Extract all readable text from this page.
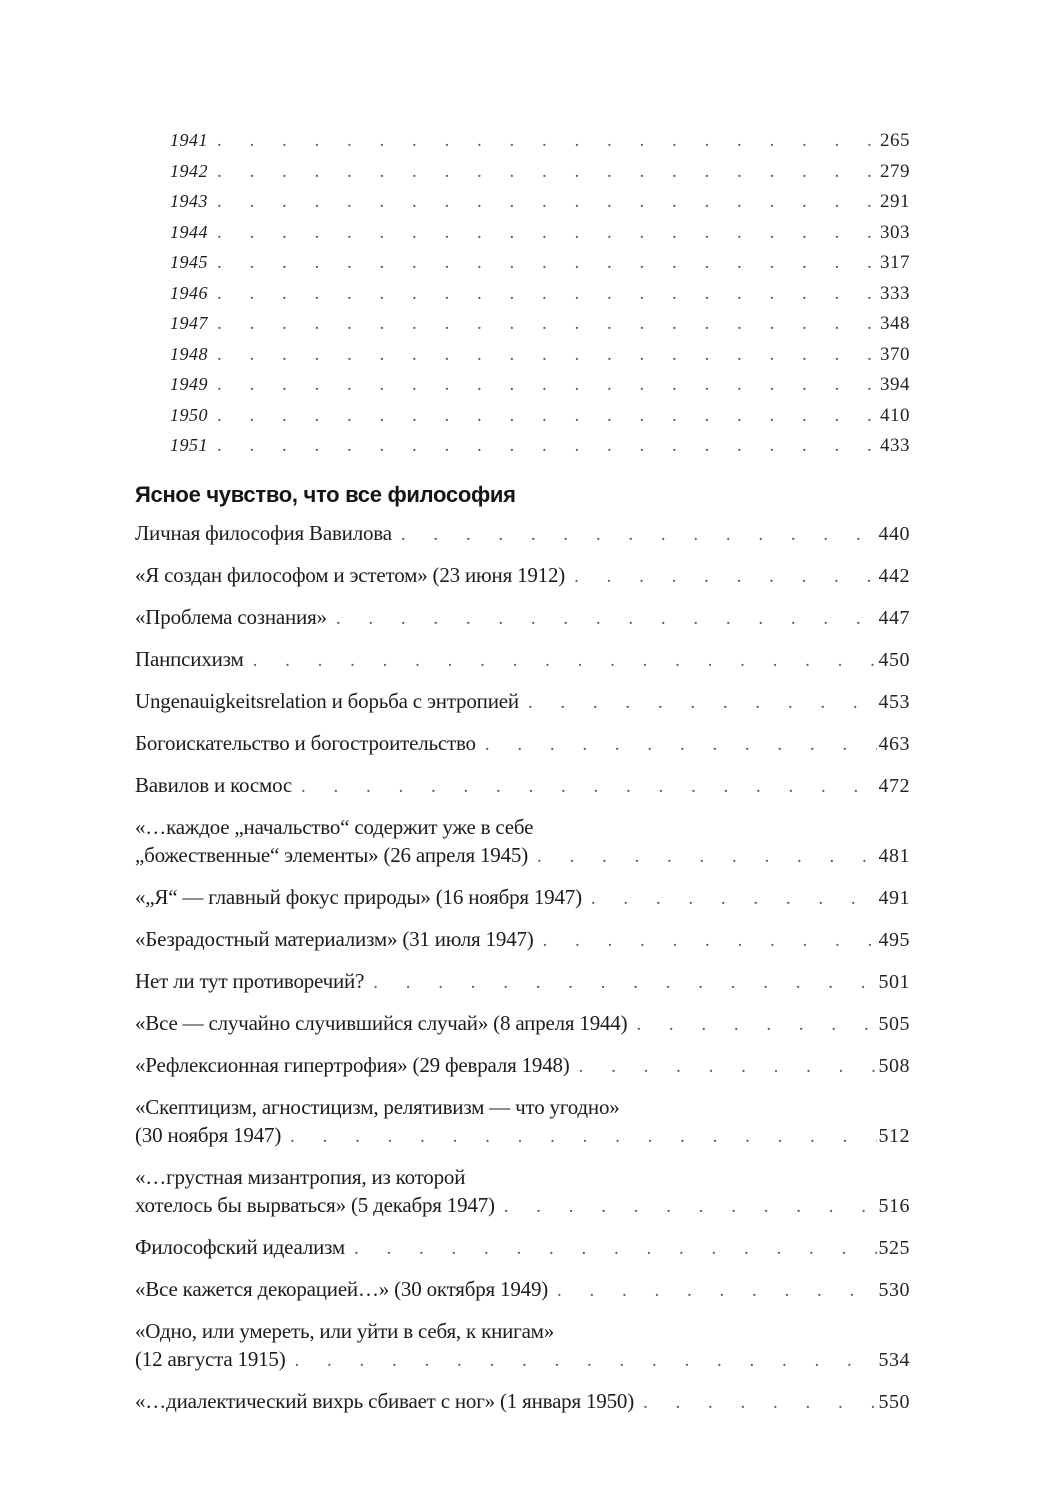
1941 . . .	265
1942 . . .	279
1943 . . .	291
1944 . . .	303
1945 . . .	317
1946 . . .	333
1947 . . .	348
1948 . . .	370
1949 . . .	394
1950 . . .	410
1951 . . .	433
Ясное чувство, что все философия
Личная философия Вавилова . . .	440
«Я создан философом и эстетом» (23 июня 1912) . . .	442
«Проблема сознания» . . .	447
Панпсихизм . . .	450
Ungenauigkeitsrelation и борьба с энтропией . . .	453
Богоискательство и богостроительство . . .	463
Вавилов и космос . . .	472
«…каждое „начальство“ содержит уже в себе
„божественные“ элементы» (26 апреля 1945) . . .	481
«„Я“ — главный фокус природы» (16 ноября 1947) . . .	491
«Безрадостный материализм» (31 июля 1947) . . .	495
Нет ли тут противоречий? . . .	501
«Все — случайно случившийся случай» (8 апреля 1944) . . .	505
«Рефлексионная гипертрофия» (29 февраля 1948) . . .	508
«Скептицизм, агностицизм, релятивизм — что угодно»
(30 ноября 1947) . . .	512
«…грустная мизантропия, из которой
хотелось бы вырваться» (5 декабря 1947) . . .	516
Философский идеализм . . .	525
«Все кажется декорацией…» (30 октября 1949) . . .	530
«Одно, или умереть, или уйти в себя, к книгам»
(12 августа 1915) . . .	534
«…диалектический вихрь сбивает с ног» (1 января 1950) . . .	550
